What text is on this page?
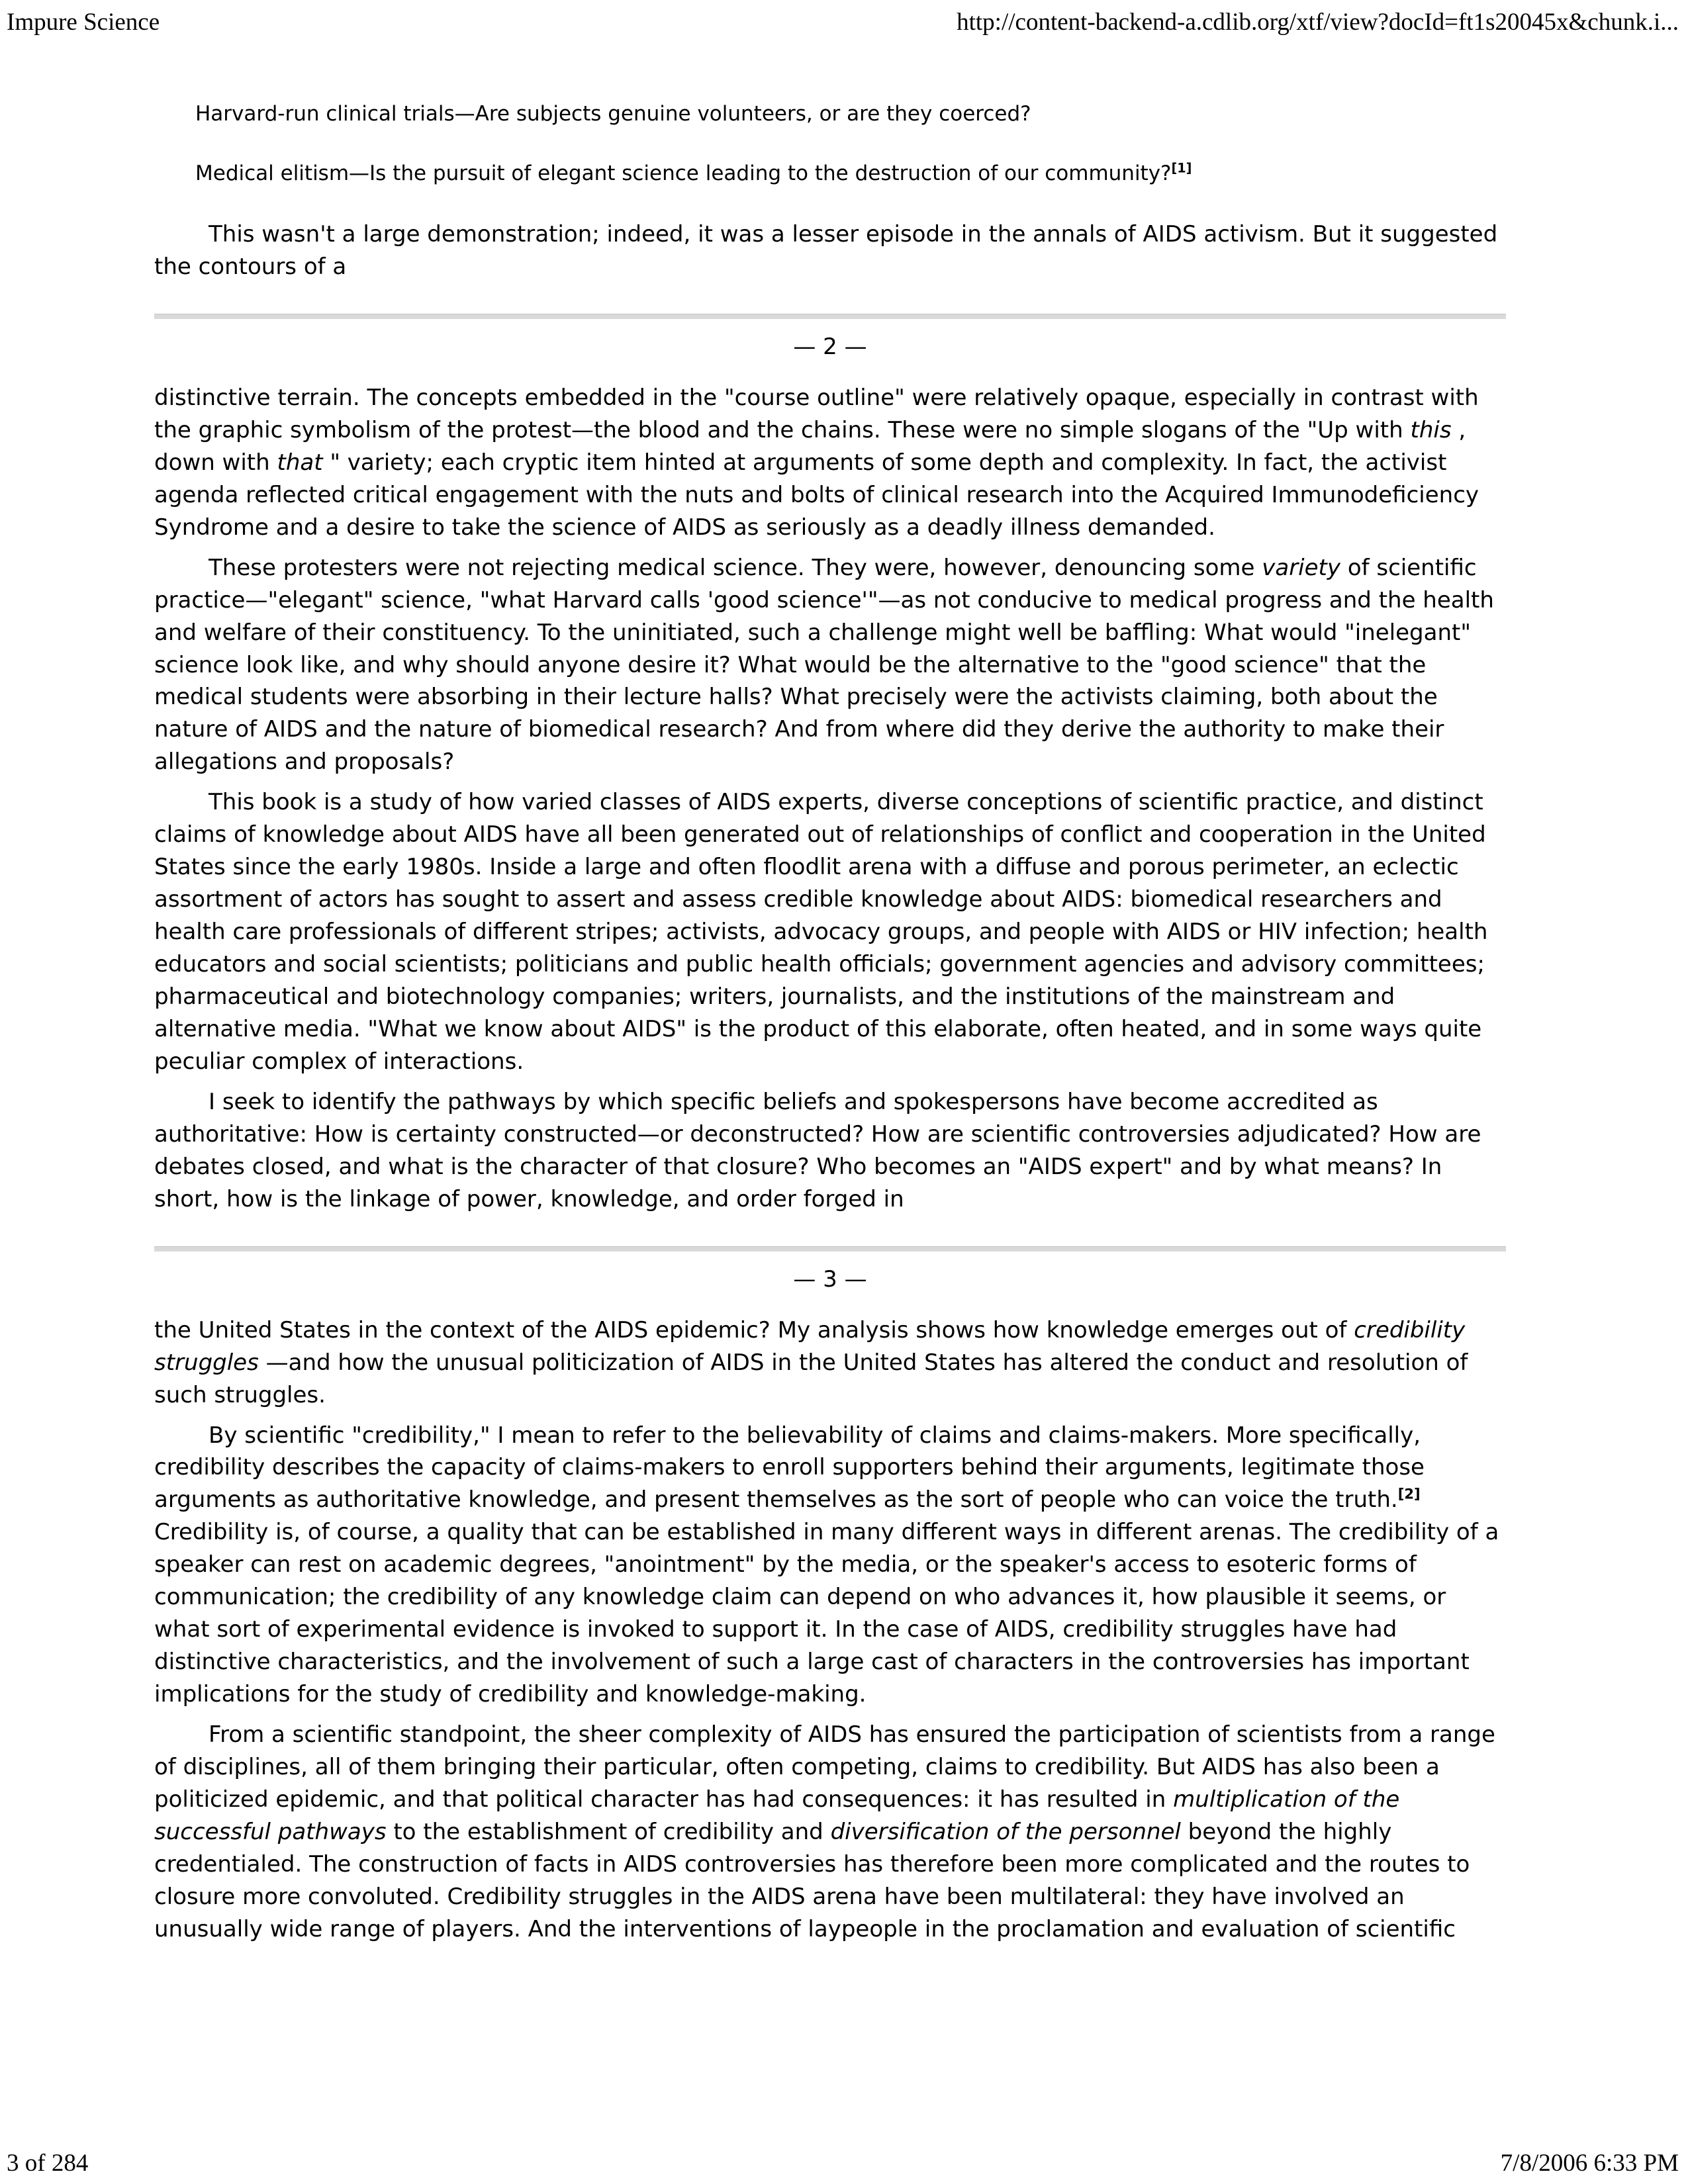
Impure Science	http://content-backend-a.cdlib.org/xtf/view?docId=ft1s20045x&chunk.i...

Harvard-run clinical trials—Are subjects genuine volunteers, or are they coerced?

Medical elitism—Is the pursuit of elegant science leading to the destruction of our community?[1]

This wasn't a large demonstration; indeed, it was a lesser episode in the annals of AIDS activism. But it suggested the contours of a

— 2 —

distinctive terrain. The concepts embedded in the "course outline" were relatively opaque, especially in contrast with the graphic symbolism of the protest—the blood and the chains. These were no simple slogans of the "Up with this , down with that " variety; each cryptic item hinted at arguments of some depth and complexity. In fact, the activist agenda reflected critical engagement with the nuts and bolts of clinical research into the Acquired Immunodeficiency Syndrome and a desire to take the science of AIDS as seriously as a deadly illness demanded.

These protesters were not rejecting medical science. They were, however, denouncing some variety of scientific practice—"elegant" science, "what Harvard calls 'good science'"—as not conducive to medical progress and the health and welfare of their constituency. To the uninitiated, such a challenge might well be baffling: What would "inelegant" science look like, and why should anyone desire it? What would be the alternative to the "good science" that the medical students were absorbing in their lecture halls? What precisely were the activists claiming, both about the nature of AIDS and the nature of biomedical research? And from where did they derive the authority to make their allegations and proposals?

This book is a study of how varied classes of AIDS experts, diverse conceptions of scientific practice, and distinct claims of knowledge about AIDS have all been generated out of relationships of conflict and cooperation in the United States since the early 1980s. Inside a large and often floodlit arena with a diffuse and porous perimeter, an eclectic assortment of actors has sought to assert and assess credible knowledge about AIDS: biomedical researchers and health care professionals of different stripes; activists, advocacy groups, and people with AIDS or HIV infection; health educators and social scientists; politicians and public health officials; government agencies and advisory committees; pharmaceutical and biotechnology companies; writers, journalists, and the institutions of the mainstream and alternative media. "What we know about AIDS" is the product of this elaborate, often heated, and in some ways quite peculiar complex of interactions.

I seek to identify the pathways by which specific beliefs and spokespersons have become accredited as authoritative: How is certainty constructed—or deconstructed? How are scientific controversies adjudicated? How are debates closed, and what is the character of that closure? Who becomes an "AIDS expert" and by what means? In short, how is the linkage of power, knowledge, and order forged in

— 3 —

the United States in the context of the AIDS epidemic? My analysis shows how knowledge emerges out of credibility struggles —and how the unusual politicization of AIDS in the United States has altered the conduct and resolution of such struggles.

By scientific "credibility," I mean to refer to the believability of claims and claims-makers. More specifically, credibility describes the capacity of claims-makers to enroll supporters behind their arguments, legitimate those arguments as authoritative knowledge, and present themselves as the sort of people who can voice the truth.[2] Credibility is, of course, a quality that can be established in many different ways in different arenas. The credibility of a speaker can rest on academic degrees, "anointment" by the media, or the speaker's access to esoteric forms of communication; the credibility of any knowledge claim can depend on who advances it, how plausible it seems, or what sort of experimental evidence is invoked to support it. In the case of AIDS, credibility struggles have had distinctive characteristics, and the involvement of such a large cast of characters in the controversies has important implications for the study of credibility and knowledge-making.

From a scientific standpoint, the sheer complexity of AIDS has ensured the participation of scientists from a range of disciplines, all of them bringing their particular, often competing, claims to credibility. But AIDS has also been a politicized epidemic, and that political character has had consequences: it has resulted in multiplication of the successful pathways to the establishment of credibility and diversification of the personnel beyond the highly credentialed. The construction of facts in AIDS controversies has therefore been more complicated and the routes to closure more convoluted. Credibility struggles in the AIDS arena have been multilateral: they have involved an unusually wide range of players. And the interventions of laypeople in the proclamation and evaluation of scientific

3 of 284	7/8/2006 6:33 PM
